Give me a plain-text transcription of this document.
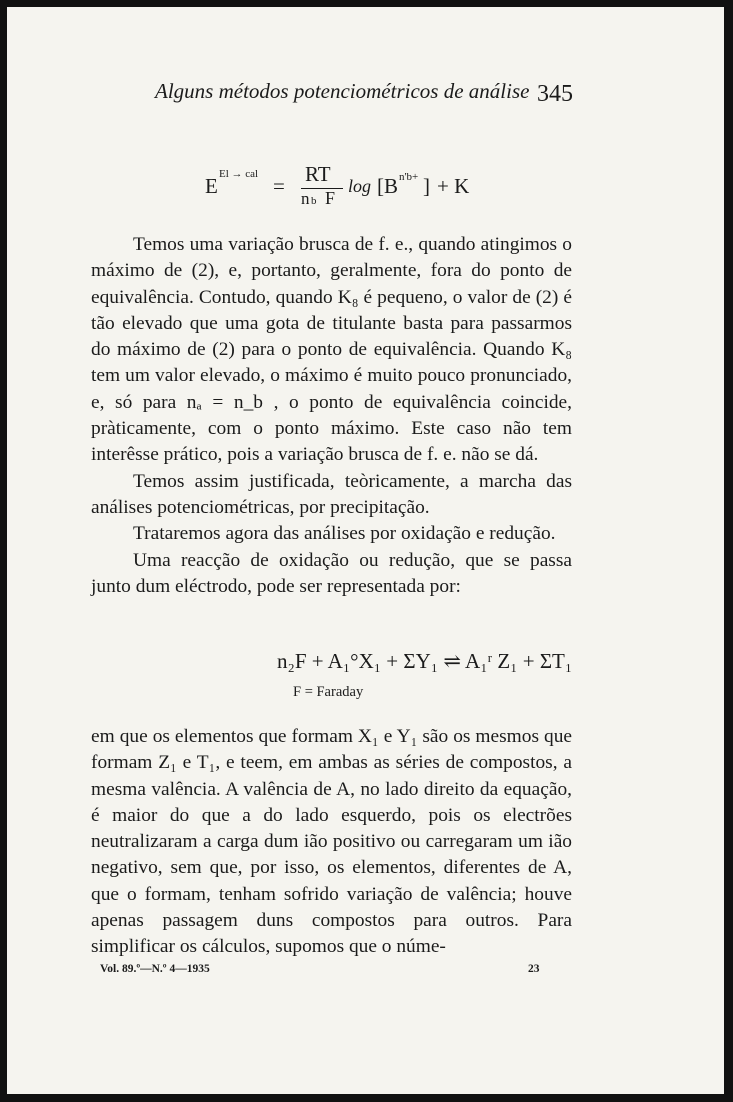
Alguns métodos potenciométricos de análise 345
E El → cal = RT
n b F
log [B n'b+ ] + K

Temos uma variação brusca de f. e., quando atingimos o máximo de (2), e, portanto, geralmente, fora do ponto de equivalência. Contudo, quando K₈ é pequeno, o valor de (2) é tão elevado que uma gota de titulante basta para passarmos do máximo de (2) para o ponto de equivalência. Quando K₈ tem um valor elevado, o máximo é muito pouco pronunciado, e, só para nₐ = n_b , o ponto de equivalência coincide, pràticamente, com o ponto máximo. Este caso não tem interêsse prático, pois a variação brusca de f. e. não se dá.

Temos assim justificada, teòricamente, a marcha das análises potenciométricas, por precipitação.

Trataremos agora das análises por oxidação e redução.

Uma reacção de oxidação ou redução, que se passa junto dum eléctrodo, pode ser representada por:

n₂F + A₁°X₁ + ΣY₁ ⇌ A₁ʳ Z₁ + ΣT₁
F = Faraday

em que os elementos que formam X₁ e Y₁ são os mesmos que formam Z₁ e T₁, e teem, em ambas as séries de compostos, a mesma valência. A valência de A, no lado direito da equação, é maior do que a do lado esquerdo, pois os electrões neutralizaram a carga dum ião positivo ou carregaram um ião negativo, sem que, por isso, os elementos, diferentes de A, que o formam, tenham sofrido variação de valência; houve apenas passagem duns compostos para outros. Para simplificar os cálculos, supomos que o núme-

Vol. 89.º—N.º 4—1935	23
